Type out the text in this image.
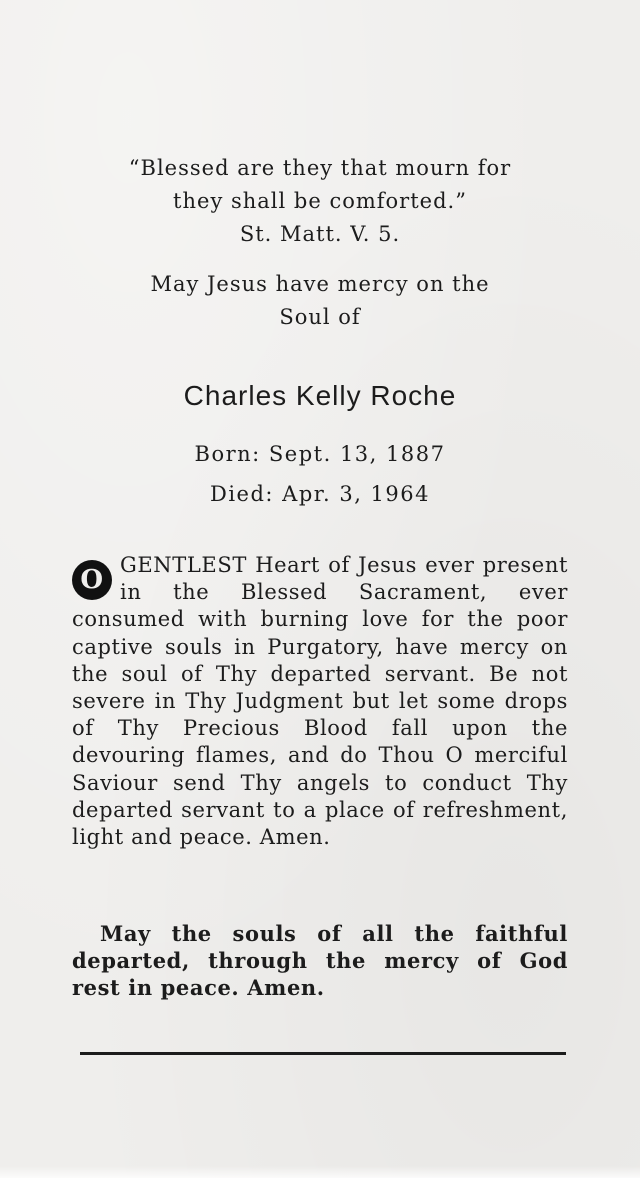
“Blessed are they that mourn for
they shall be comforted.”
St. Matt. V. 5.
May Jesus have mercy on the
Soul of
Charles Kelly Roche
Born: Sept. 13, 1887
Died: Apr. 3, 1964
O GENTLEST Heart of Jesus ever present in the Blessed Sacrament, ever consumed with burning love for the poor captive souls in Purgatory, have mercy on the soul of Thy departed servant. Be not severe in Thy Judgment but let some drops of Thy Precious Blood fall upon the devouring flames, and do Thou O merciful Saviour send Thy angels to conduct Thy departed servant to a place of refreshment, light and peace. Amen.
May the souls of all the faithful departed, through the mercy of God rest in peace. Amen.
